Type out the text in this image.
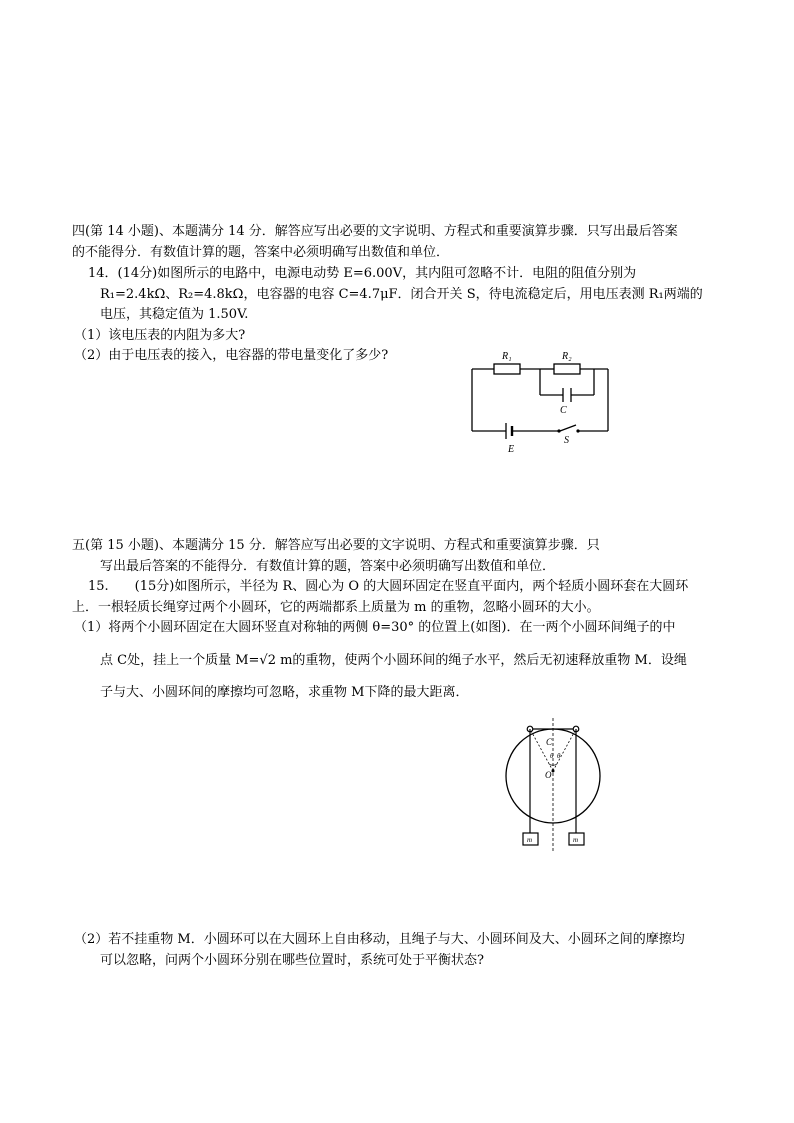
四(第 14 小题)、本题满分 14 分．解答应写出必要的文字说明、方程式和重要演算步骤．只写出最后答案
的不能得分．有数值计算的题，答案中必须明确写出数值和单位．
14．(14分)如图所示的电路中，电源电动势 E=6.00V，其内阻可忽略不计．电阻的阻值分别为
R₁=2.4kΩ、R₂=4.8kΩ，电容器的电容 C=4.7μF．闭合开关 S，待电流稳定后，用电压表测 R₁两端的
电压，其稳定值为 1.50V.
（1）该电压表的内阻为多大?
（2）由于电压表的接入，电容器的带电量变化了多少?	R₁	R₂
C
E
S
五(第 15 小题)、本题满分 15 分．解答应写出必要的文字说明、方程式和重要演算步骤．只
写出最后答案的不能得分．有数值计算的题，答案中必须明确写出数值和单位．
15.　　(15分)如图所示，半径为 R、圆心为 O 的大圆环固定在竖直平面内，两个轻质小圆环套在大圆环
上．一根轻质长绳穿过两个小圆环，它的两端都系上质量为 m 的重物，忽略小圆环的大小。
（1）将两个小圆环固定在大圆环竖直对称轴的两侧 θ=30° 的位置上(如图)．在一两个小圆环间绳子的中
点 C处，挂上一个质量 M=√2 m的重物，使两个小圆环间的绳子水平，然后无初速释放重物 M．设绳
子与大、小圆环间的摩擦均可忽略，求重物 M下降的最大距离．
C
O
θ θ
m	m
（2）若不挂重物 M．小圆环可以在大圆环上自由移动，且绳子与大、小圆环间及大、小圆环之间的摩擦均
可以忽略，问两个小圆环分别在哪些位置时，系统可处于平衡状态?
